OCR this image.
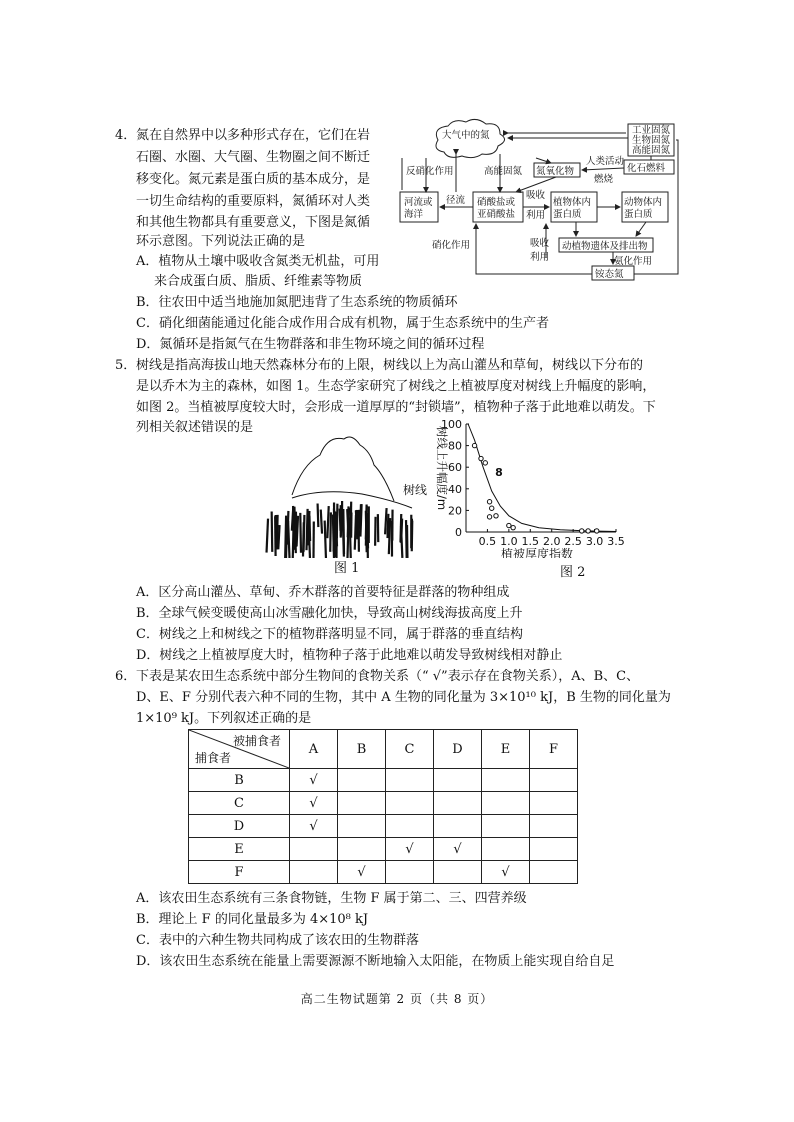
4． 氮在自然界中以多种形式存在，它们在岩
石圈、水圈、大气圈、生物圈之间不断迁
移变化。氮元素是蛋白质的基本成分，是
一切生命结构的重要原料，氮循环对人类
和其他生物都具有重要意义，下图是氮循
环示意图。下列说法正确的是
A．植物从土壤中吸收含氮类无机盐，可用
来合成蛋白质、脂质、纤维素等物质
B．往农田中适当地施加氮肥违背了生态系统的物质循环
C．硝化细菌能通过化能合成作用合成有机物，属于生态系统中的生产者
D．氮循环是指氮气在生物群落和非生物环境之间的循环过程
大气中的氮	工业固氮
生物固氮
高能固氮
化石燃料
人类活动
燃烧
反硝化作用	高能固氮 氮氧化物
河流或
海洋
径流 硝酸盐或
亚硝酸盐
吸收
利用
植物体内
蛋白质
动物体内
蛋白质
硝化作用	吸收
利用
动植物遗体及排出物
氨化作用
铵态氮
5． 树线是指高海拔山地天然森林分布的上限，树线以上为高山灌丛和草甸，树线以下分布的
是以乔木为主的森林，如图 1。生态学家研究了树线之上植被厚度对树线上升幅度的影响，
如图 2。当植被厚度较大时，会形成一道厚厚的“封锁墙”，植物种子落于此地难以萌发。下
列相关叙述错误的是
树线
图 1
0
20
40
60
80
100
0.5 1.0 1.5 2.0 2.5 3.0 3.5
植被厚度指数
树线上升幅度/m	8
图 2
A．区分高山灌丛、草甸、乔木群落的首要特征是群落的物种组成
B．全球气候变暖使高山冰雪融化加快，导致高山树线海拔高度上升
C．树线之上和树线之下的植物群落明显不同，属于群落的垂直结构
D．树线之上植被厚度大时，植物种子落于此地难以萌发导致树线相对静止
6． 下表是某农田生态系统中部分生物间的食物关系（“ √”表示存在食物关系），A、B、C、
D、E、F 分别代表六种不同的生物，其中 A 生物的同化量为 3×10¹⁰ kJ，B 生物的同化量为
1×10⁹ kJ。下列叙述正确的是
被捕食者
捕食者	A	B	C	D	E	F
B	√					
C	√					
D	√					
E			√	√		
F		√			√	
A．该农田生态系统有三条食物链，生物 F 属于第二、三、四营养级
B．理论上 F 的同化量最多为 4×10⁸ kJ
C．表中的六种生物共同构成了该农田的生物群落
D．该农田生态系统在能量上需要源源不断地输入太阳能，在物质上能实现自给自足
高二生物试题第 2 页（共 8 页）
